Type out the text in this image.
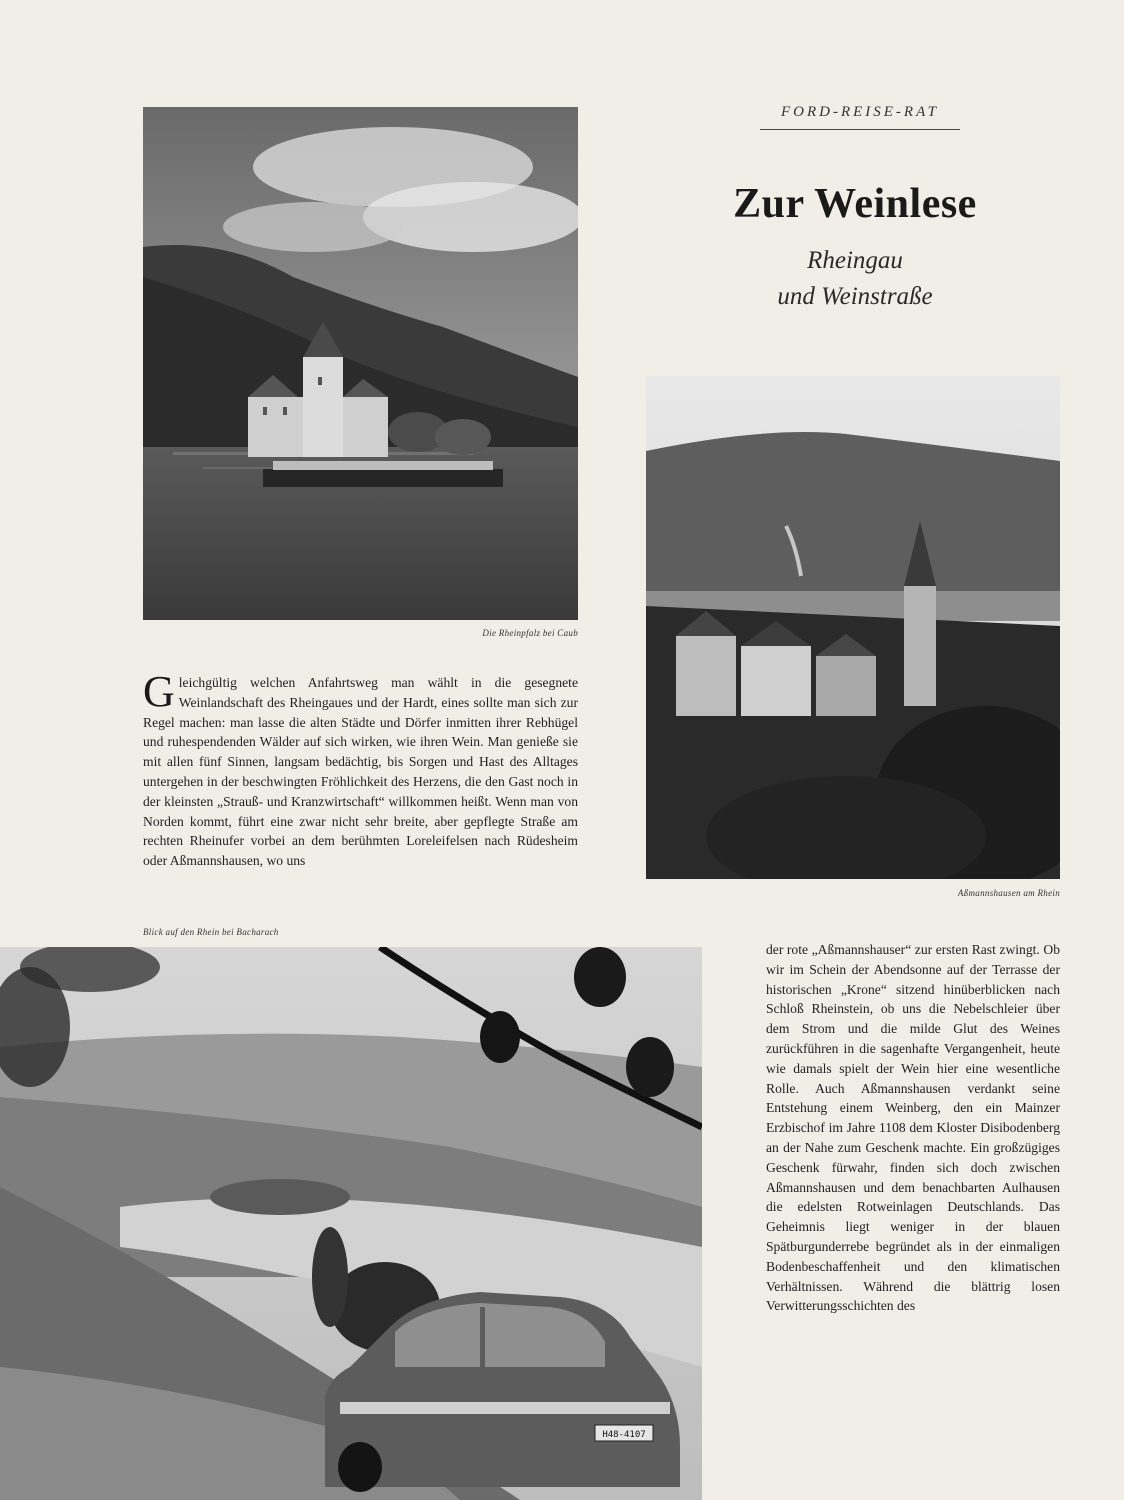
FORD-REISE-RAT
Zur Weinlese
Rheingau
und Weinstraße
Die Rheinpfalz bei Caub
Aßmannshausen am Rhein
Blick auf den Rhein bei Bacharach
H48-4107
Gleichgültig welchen Anfahrtsweg man wählt in die gesegnete Weinlandschaft des Rheingaues und der Hardt, eines sollte man sich zur Regel machen: man lasse die alten Städte und Dörfer inmitten ihrer Rebhügel und ruhespendenden Wälder auf sich wirken, wie ihren Wein. Man genieße sie mit allen fünf Sinnen, langsam bedächtig, bis Sorgen und Hast des Alltages untergehen in der beschwingten Fröhlichkeit des Herzens, die den Gast noch in der kleinsten „Strauß- und Kranzwirtschaft“ willkommen heißt. Wenn man von Norden kommt, führt eine zwar nicht sehr breite, aber gepflegte Straße am rechten Rheinufer vorbei an dem berühmten Loreleifelsen nach Rüdesheim oder Aßmannshausen, wo uns
der rote „Aßmannshauser“ zur ersten Rast zwingt. Ob wir im Schein der Abendsonne auf der Terrasse der historischen „Krone“ sitzend hinüberblicken nach Schloß Rheinstein, ob uns die Nebelschleier über dem Strom und die milde Glut des Weines zurückführen in die sagenhafte Vergangenheit, heute wie damals spielt der Wein hier eine wesentliche Rolle. Auch Aßmannshausen verdankt seine Entstehung einem Weinberg, den ein Mainzer Erzbischof im Jahre 1108 dem Kloster Disibodenberg an der Nahe zum Geschenk machte. Ein großzügiges Geschenk fürwahr, finden sich doch zwischen Aßmannshausen und dem benachbarten Aulhausen die edelsten Rotweinlagen Deutschlands. Das Geheimnis liegt weniger in der blauen Spätburgunderrebe begründet als in der einmaligen Bodenbeschaffenheit und den klimatischen Verhältnissen. Während die blättrig losen Verwitterungsschichten des
